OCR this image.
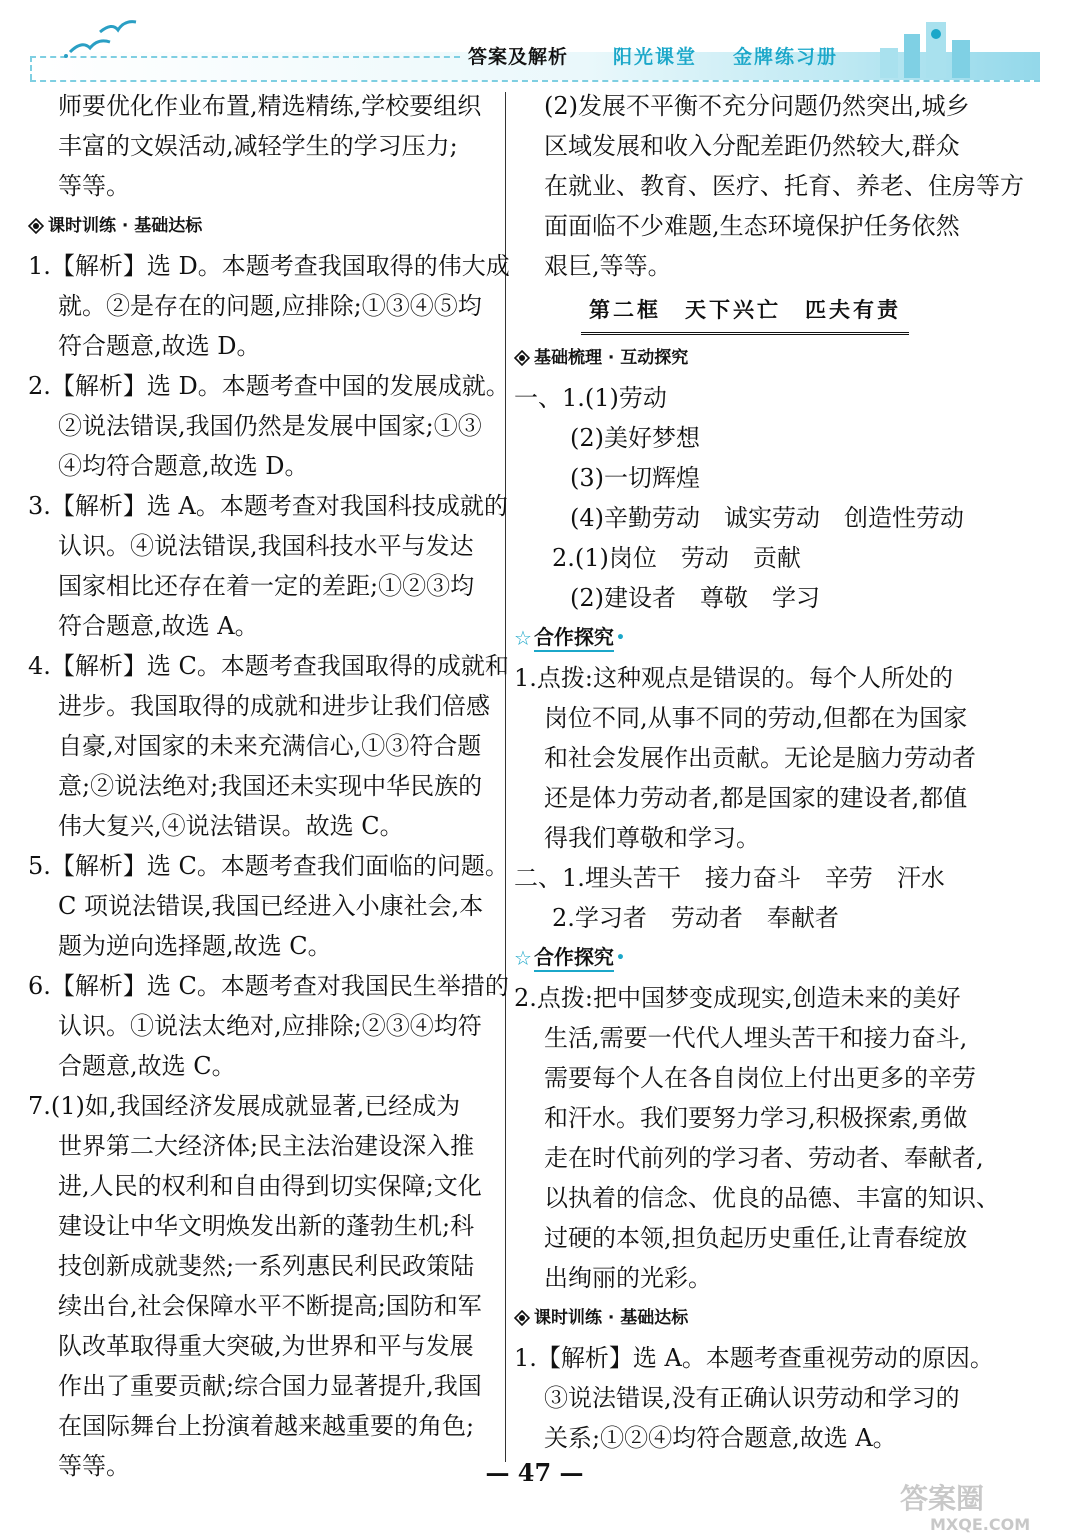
答案及解析 阳光课堂 金牌练习册
师要优化作业布置,精选精练,学校要组织
丰富的文娱活动,减轻学生的学习压力;
等等。
课时训练 · 基础达标
1.【解析】选 D。本题考查我国取得的伟大成
就。②是存在的问题,应排除;①③④⑤均
符合题意,故选 D。
2.【解析】选 D。本题考查中国的发展成就。
②说法错误,我国仍然是发展中国家;①③
④均符合题意,故选 D。
3.【解析】选 A。本题考查对我国科技成就的
认识。④说法错误,我国科技水平与发达
国家相比还存在着一定的差距;①②③均
符合题意,故选 A。
4.【解析】选 C。本题考查我国取得的成就和
进步。我国取得的成就和进步让我们倍感
自豪,对国家的未来充满信心,①③符合题
意;②说法绝对;我国还未实现中华民族的
伟大复兴,④说法错误。故选 C。
5.【解析】选 C。本题考查我们面临的问题。
C 项说法错误,我国已经进入小康社会,本
题为逆向选择题,故选 C。
6.【解析】选 C。本题考查对我国民生举措的
认识。①说法太绝对,应排除;②③④均符
合题意,故选 C。
7.(1)如,我国经济发展成就显著,已经成为
世界第二大经济体;民主法治建设深入推
进,人民的权利和自由得到切实保障;文化
建设让中华文明焕发出新的蓬勃生机;科
技创新成就斐然;一系列惠民利民政策陆
续出台,社会保障水平不断提高;国防和军
队改革取得重大突破,为世界和平与发展
作出了重要贡献;综合国力显著提升,我国
在国际舞台上扮演着越来越重要的角色;
等等。
(2)发展不平衡不充分问题仍然突出,城乡
区域发展和收入分配差距仍然较大,群众
在就业、教育、医疗、托育、养老、住房等方
面面临不少难题,生态环境保护任务依然
艰巨,等等。
第二框　天下兴亡　匹夫有责
基础梳理 · 互动探究
一、1.(1)劳动
(2)美好梦想
(3)一切辉煌
(4)辛勤劳动　诚实劳动　创造性劳动
2.(1)岗位　劳动　贡献
(2)建设者　尊敬　学习
☆ 合作探究 •
1.点拨:这种观点是错误的。每个人所处的
岗位不同,从事不同的劳动,但都在为国家
和社会发展作出贡献。无论是脑力劳动者
还是体力劳动者,都是国家的建设者,都值
得我们尊敬和学习。
二、1.埋头苦干　接力奋斗　辛劳　汗水
2.学习者　劳动者　奉献者
☆ 合作探究 •
2.点拨:把中国梦变成现实,创造未来的美好
生活,需要一代代人埋头苦干和接力奋斗,
需要每个人在各自岗位上付出更多的辛劳
和汗水。我们要努力学习,积极探索,勇做
走在时代前列的学习者、劳动者、奉献者,
以执着的信念、优良的品德、丰富的知识、
过硬的本领,担负起历史重任,让青春绽放
出绚丽的光彩。
课时训练 · 基础达标
1.【解析】选 A。本题考查重视劳动的原因。
③说法错误,没有正确认识劳动和学习的
关系;①②④均符合题意,故选 A。
— 47 —
答案圈
MXQE.COM
